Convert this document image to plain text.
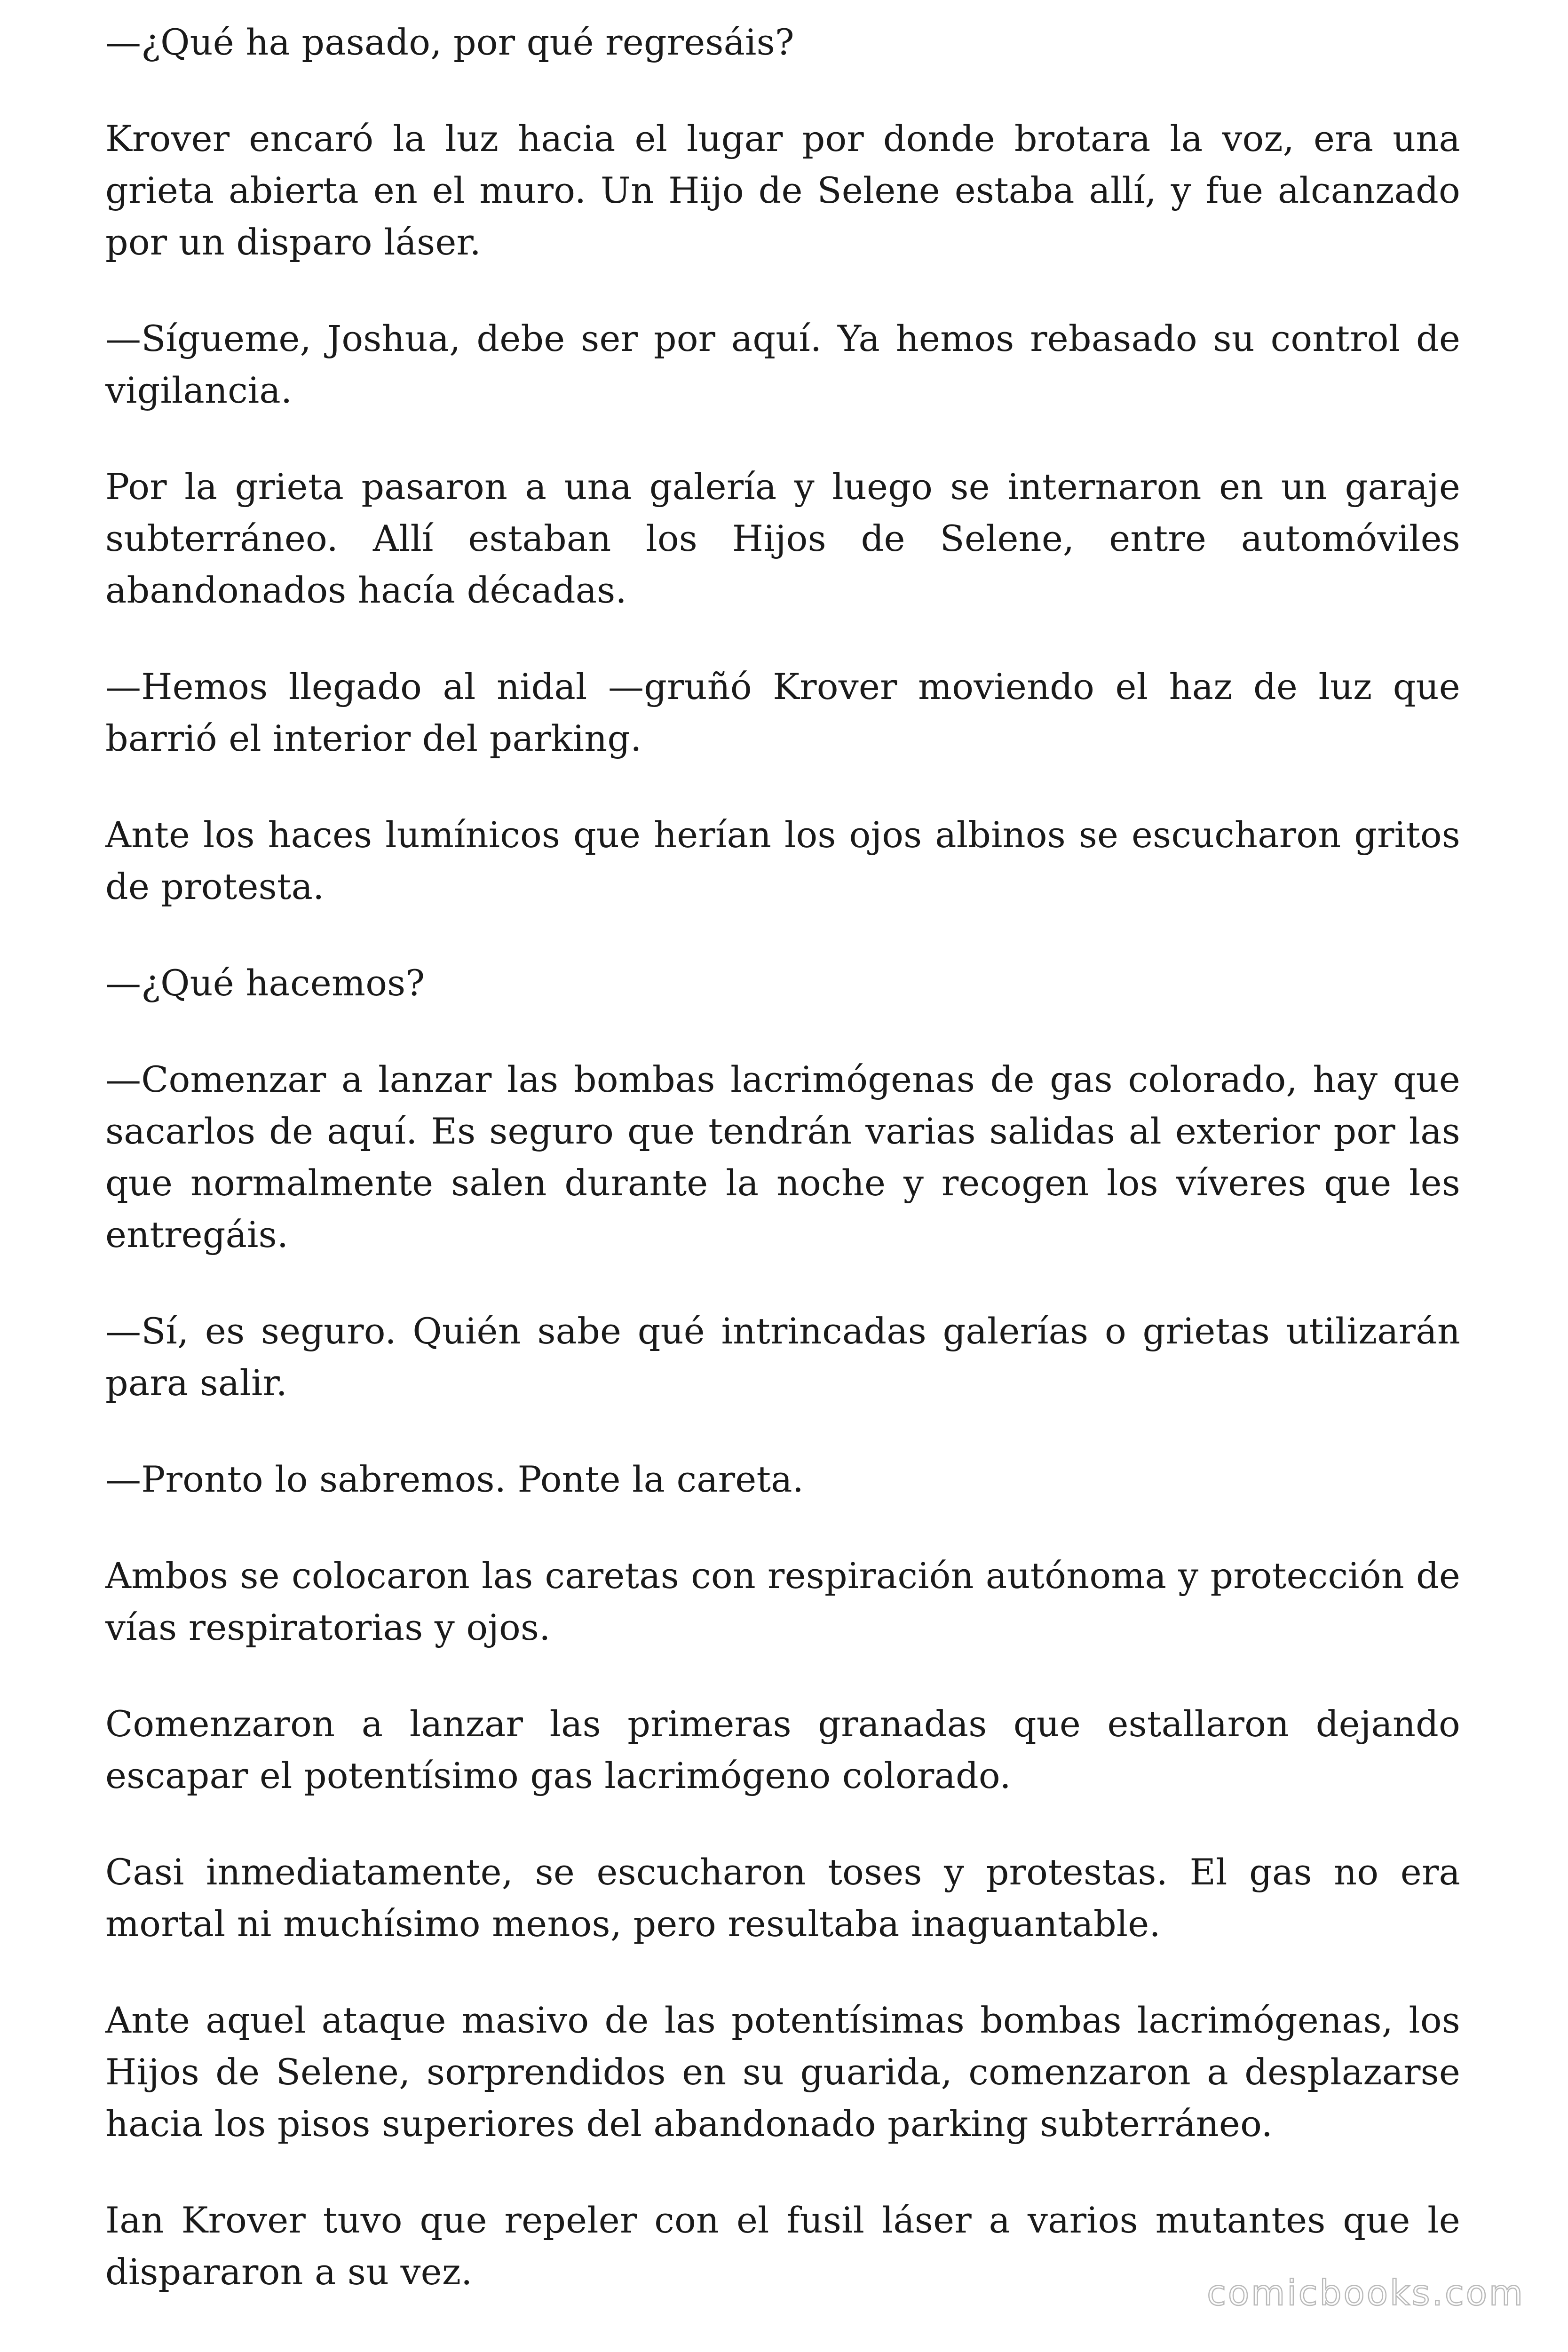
—¿Qué ha pasado, por qué regresáis?

Krover encaró la luz hacia el lugar por donde brotara la voz, era una grieta abierta en el muro. Un Hijo de Selene estaba allí, y fue alcanzado por un disparo láser.

—Sígueme, Joshua, debe ser por aquí. Ya hemos rebasado su control de vigilancia.

Por la grieta pasaron a una galería y luego se internaron en un garaje subterráneo. Allí estaban los Hijos de Selene, entre automóviles abandonados hacía décadas.

—Hemos llegado al nidal —gruñó Krover moviendo el haz de luz que barrió el interior del parking.

Ante los haces lumínicos que herían los ojos albinos se escucharon gritos de protesta.

—¿Qué hacemos?

—Comenzar a lanzar las bombas lacrimógenas de gas colorado, hay que sacarlos de aquí. Es seguro que tendrán varias salidas al exterior por las que normalmente salen durante la noche y recogen los víveres que les entregáis.

—Sí, es seguro. Quién sabe qué intrincadas galerías o grietas utilizarán para salir.

—Pronto lo sabremos. Ponte la careta.

Ambos se colocaron las caretas con respiración autónoma y protección de vías respiratorias y ojos.

Comenzaron a lanzar las primeras granadas que estallaron dejando escapar el potentísimo gas lacrimógeno colorado.

Casi inmediatamente, se escucharon toses y protestas. El gas no era mortal ni muchísimo menos, pero resultaba inaguantable.

Ante aquel ataque masivo de las potentísimas bombas lacrimógenas, los Hijos de Selene, sorprendidos en su guarida, comenzaron a desplazarse hacia los pisos superiores del abandonado parking subterráneo.

Ian Krover tuvo que repeler con el fusil láser a varios mutantes que le dispararon a su vez.

comicbooks.com
